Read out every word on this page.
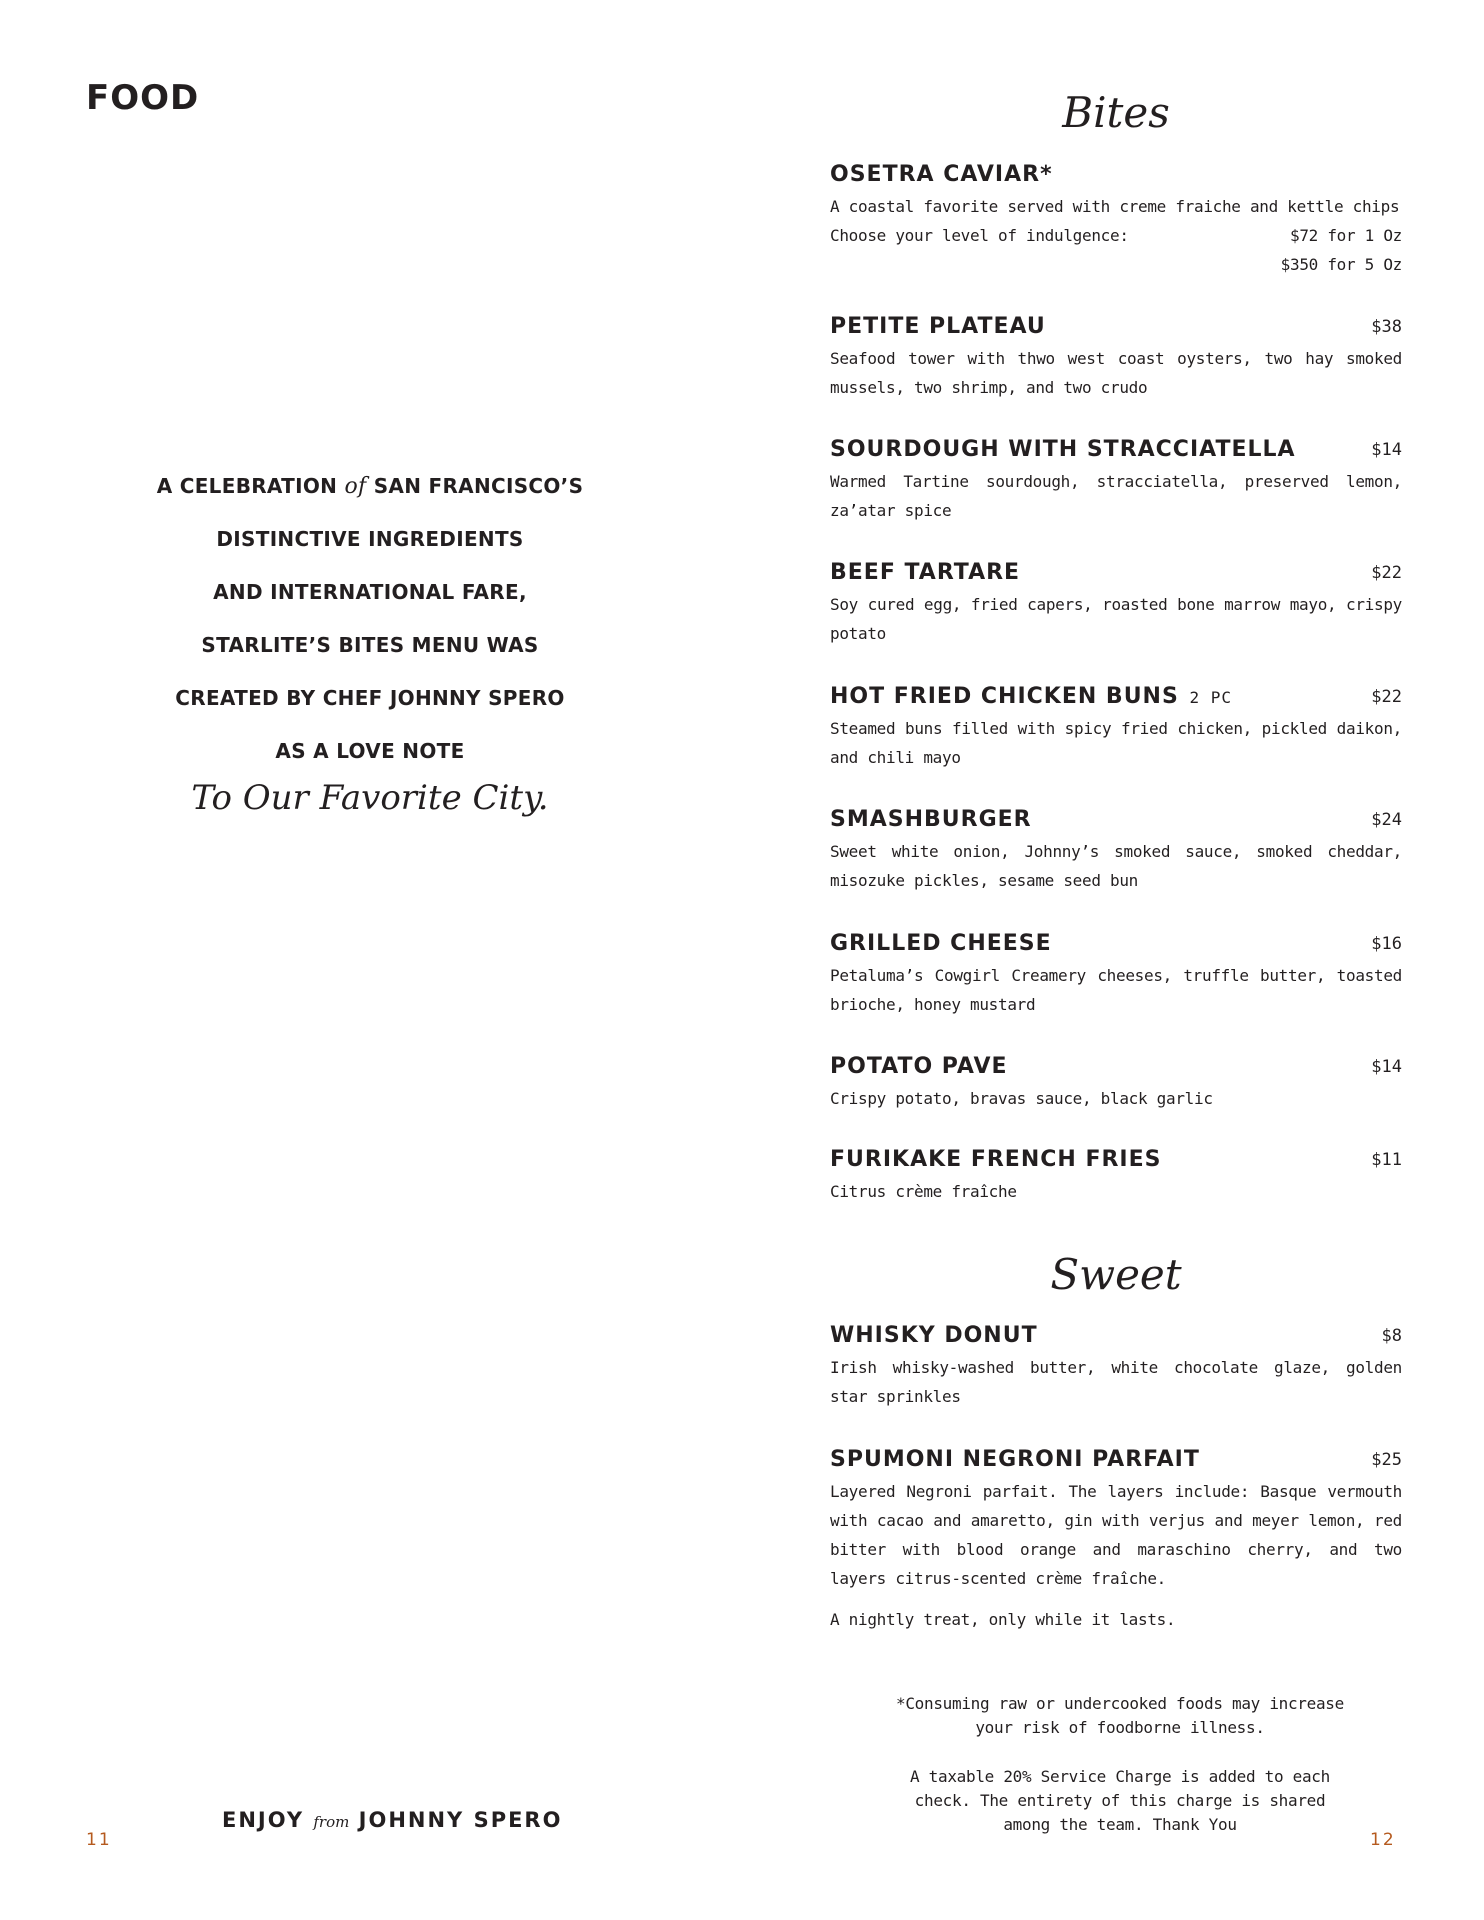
FOOD
A CELEBRATION of SAN FRANCISCO’S
DISTINCTIVE INGREDIENTS
AND INTERNATIONAL FARE,
STARLITE’S BITES MENU WAS
CREATED BY CHEF JOHNNY SPERO
AS A LOVE NOTE
To Our Favorite City.
ENJOY from JOHNNY SPERO
11
Bites
OSETRA CAVIAR*
A coastal favorite served with creme fraiche and kettle chips
Choose your level of indulgence:	$72 for 1 Oz
$350 for 5 Oz
PETITE PLATEAU	$38
Seafood tower with thwo west coast oysters, two hay smoked mussels, two shrimp, and two crudo
SOURDOUGH WITH STRACCIATELLA	$14
Warmed Tartine sourdough, stracciatella, preserved lemon, za’atar spice
BEEF TARTARE	$22
Soy cured egg, fried capers, roasted bone marrow mayo, crispy potato
HOT FRIED CHICKEN BUNS 2 PC	$22
Steamed buns filled with spicy fried chicken, pickled daikon, and chili mayo
SMASHBURGER	$24
Sweet white onion, Johnny’s smoked sauce, smoked cheddar, misozuke pickles, sesame seed bun
GRILLED CHEESE	$16
Petaluma’s Cowgirl Creamery cheeses, truffle butter, toasted brioche, honey mustard
POTATO PAVE	$14
Crispy potato, bravas sauce, black garlic
FURIKAKE FRENCH FRIES	$11
Citrus crème fraîche
Sweet
WHISKY DONUT	$8
Irish whisky-washed butter, white chocolate glaze, golden star sprinkles
SPUMONI NEGRONI PARFAIT	$25
Layered Negroni parfait. The layers include: Basque vermouth with cacao and amaretto, gin with verjus and meyer lemon, red bitter with blood orange and maraschino cherry, and two layers citrus-scented crème fraîche.
A nightly treat, only while it lasts.

*Consuming raw or undercooked foods may increase your risk of foodborne illness.

A taxable 20% Service Charge is added to each check. The entirety of this charge is shared among the team. Thank You

12
